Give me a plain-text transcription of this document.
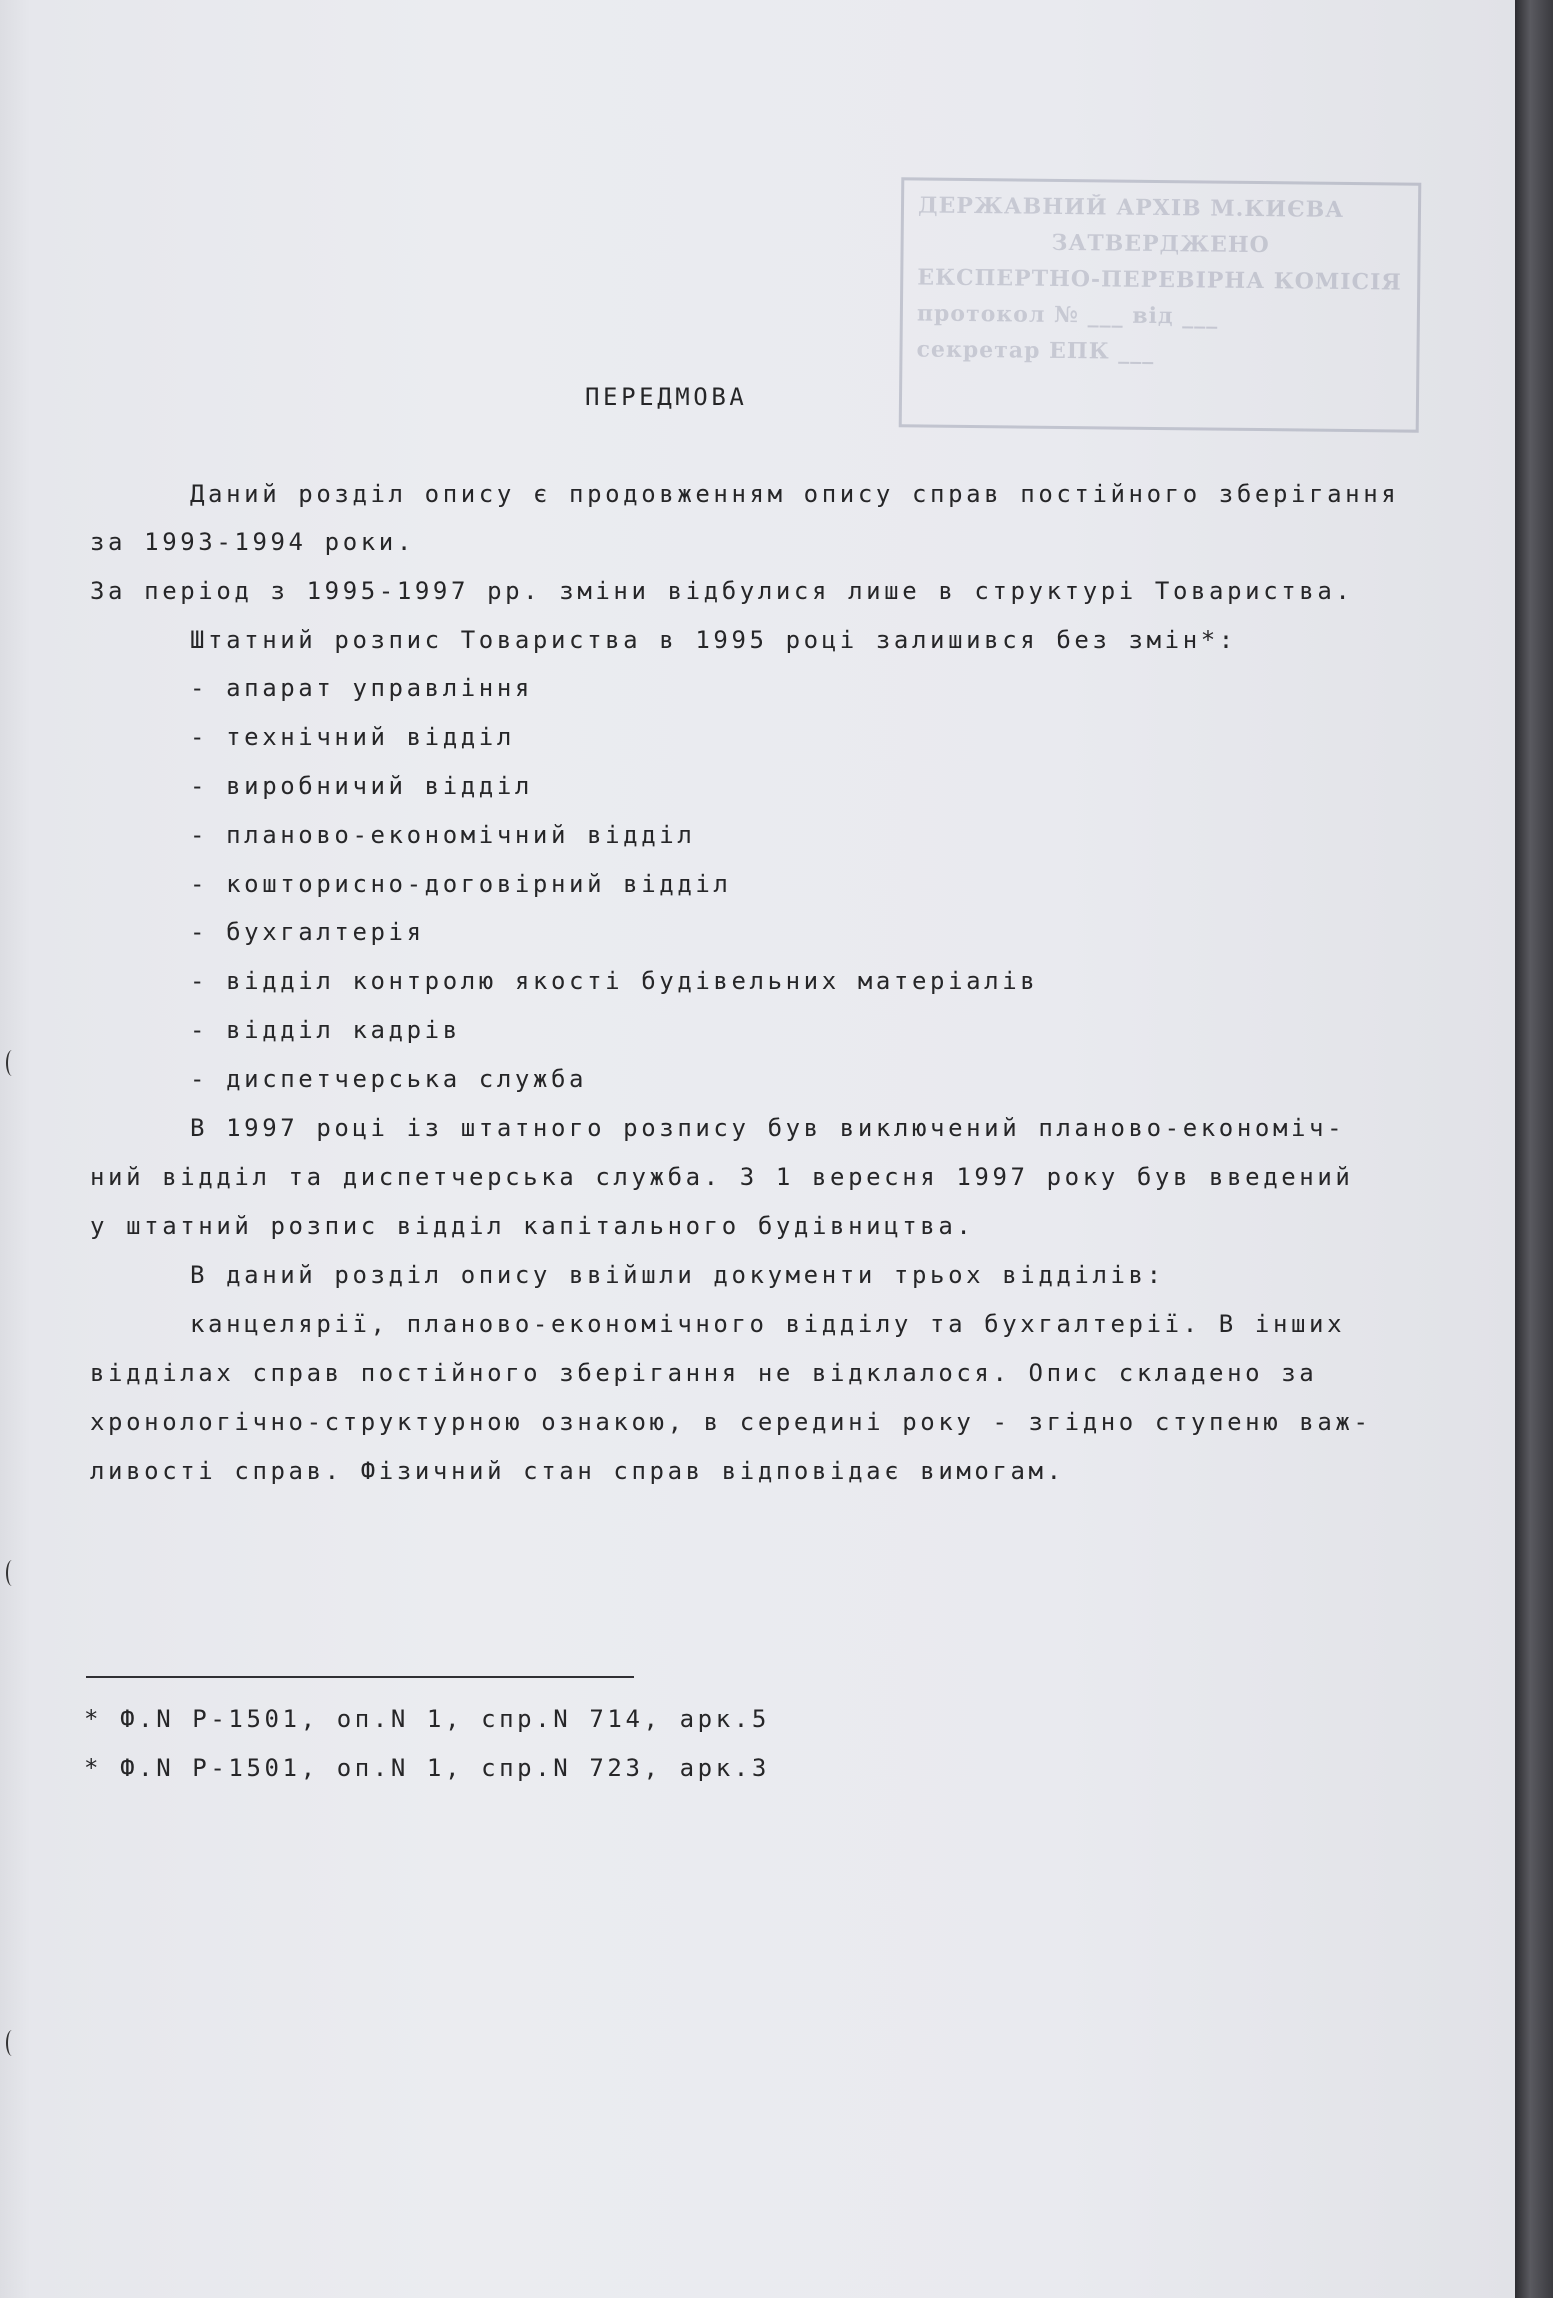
ДЕРЖАВНИЙ АРХІВ М.КИЄВА
ЗАТВЕРДЖЕНО
ЕКСПЕРТНО-ПЕРЕВІРНА КОМІСІЯ
протокол № ___ від ___
секретар ЕПК ___
ПЕРЕДМОВА
Даний розділ опису є продовженням опису справ постійного зберігання
за 1993-1994 роки.
За період з 1995-1997 рр. зміни відбулися лише в структурі Товариства.
Штатний розпис Товариства в 1995 році залишився без змін*:
- апарат управління
- технічний відділ
- виробничий відділ
- планово-економічний відділ
- кошторисно-договірний відділ
- бухгалтерія
- відділ контролю якості будівельних матеріалів
- відділ кадрів
- диспетчерська служба
В 1997 році із штатного розпису був виключений планово-економіч-
ний відділ та диспетчерська служба. З 1 вересня 1997 року був введений
у штатний розпис відділ капітального будівництва.
В даний розділ опису ввійшли документи трьох відділів:
канцелярії, планово-економічного відділу та бухгалтерії. В інших
відділах справ постійного зберігання не відклалося. Опис складено за
хронологічно-структурною ознакою, в середині року - згідно ступеню важ-
ливості справ. Фізичний стан справ відповідає вимогам.
* Ф.N Р-1501, оп.N 1, спр.N 714, арк.5
* Ф.N Р-1501, оп.N 1, спр.N 723, арк.3
